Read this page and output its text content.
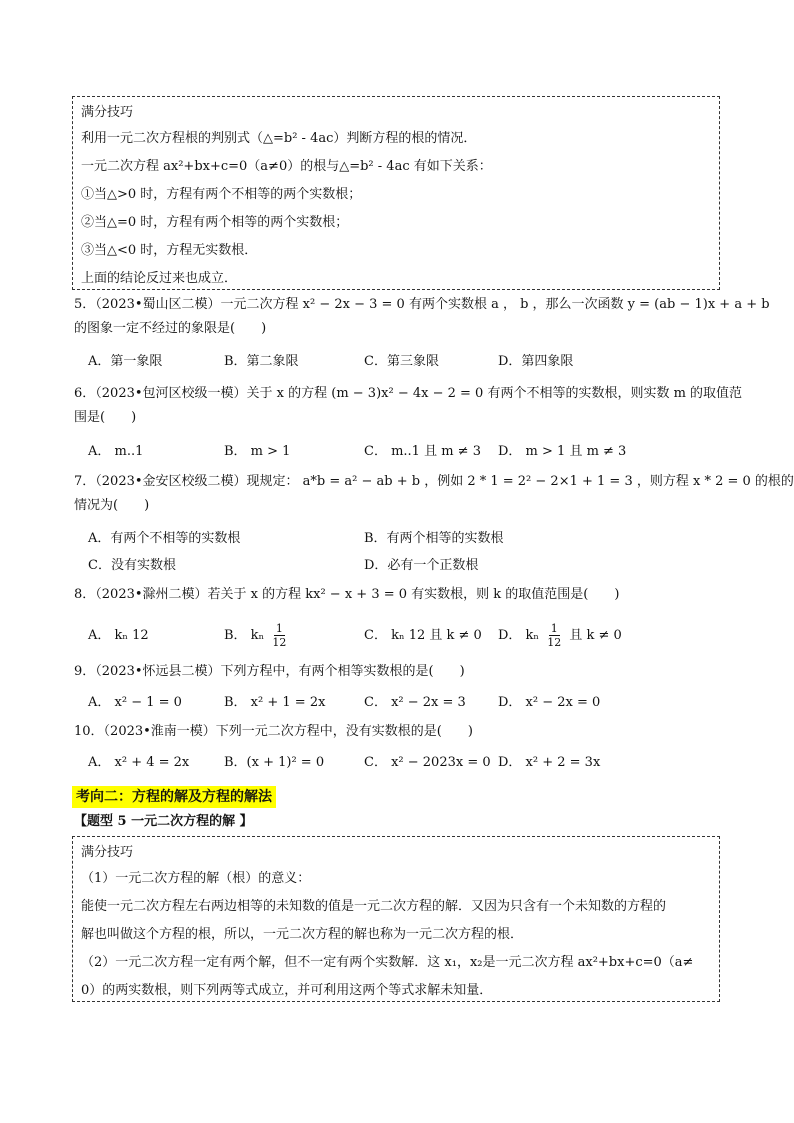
满分技巧
利用一元二次方程根的判别式（△=b² - 4ac）判断方程的根的情况．
一元二次方程 ax²+bx+c=0（a≠0）的根与△=b² - 4ac 有如下关系：
①当△>0 时，方程有两个不相等的两个实数根；
②当△=0 时，方程有两个相等的两个实数根；
③当△<0 时，方程无实数根．
上面的结论反过来也成立．
5．（2023•蜀山区二模）一元二次方程 x² − 2x − 3 = 0 有两个实数根 a ， b ，那么一次函数 y = (ab − 1)x + a + b
的图象一定不经过的象限是(　　)
A．第一象限	B．第二象限	C．第三象限	D．第四象限
6．（2023•包河区校级一模）关于 x 的方程 (m − 3)x² − 4x − 2 = 0 有两个不相等的实数根，则实数 m 的取值范
围是(　　)
A． m..1	B． m > 1	C． m..1 且 m ≠ 3 D． m > 1 且 m ≠ 3
7．（2023•金安区校级二模）现规定： a*b = a² − ab + b ，例如 2 * 1 = 2² − 2×1 + 1 = 3 ，则方程 x * 2 = 0 的根的
情况为(　　)
A．有两个不相等的实数根	B．有两个相等的实数根
C．没有实数根	D．必有一个正数根
8．（2023•滁州二模）若关于 x 的方程 kx² − x + 3 = 0 有实数根，则 k 的取值范围是(　　)
A． kₙ 12	B． kₙ $\frac{1}{12}$	C． kₙ 12 且 k ≠ 0 D． kₙ $\frac{1}{12}$ 且 k ≠ 0
9．（2023•怀远县二模）下列方程中，有两个相等实数根的是(　　)
A． x² − 1 = 0	B． x² + 1 = 2x	C． x² − 2x = 3 D． x² − 2x = 0
10．（2023•淮南一模）下列一元二次方程中，没有实数根的是(　　)
A． x² + 4 = 2x	B．(x + 1)² = 0	C． x² − 2023x = 0 D． x² + 2 = 3x
考向二：方程的解及方程的解法
【题型 5 一元二次方程的解 】
满分技巧
（1）一元二次方程的解（根）的意义：
能使一元二次方程左右两边相等的未知数的值是一元二次方程的解．又因为只含有一个未知数的方程的
解也叫做这个方程的根，所以，一元二次方程的解也称为一元二次方程的根．
（2）一元二次方程一定有两个解，但不一定有两个实数解．这 x₁，x₂是一元二次方程 ax²+bx+c=0（a≠
0）的两实数根，则下列两等式成立，并可利用这两个等式求解未知量．
